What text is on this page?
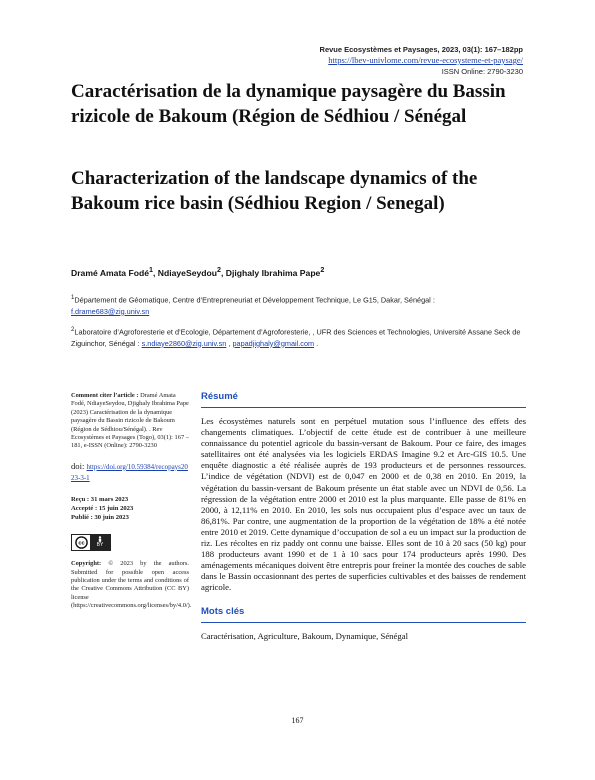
Revue Ecosystèmes et Paysages, 2023, 03(1): 167–182pp
https://lbev-univlome.com/revue-ecosysteme-et-paysage/
ISSN Online: 2790-3230
Caractérisation de la dynamique paysagère du Bassin rizicole de Bakoum (Région de Sédhiou / Sénégal
Characterization of the landscape dynamics of the Bakoum rice basin (Sédhiou Region / Senegal)
Dramé Amata Fodé$^1$, NdiayeSeydou$^2$, Djighaly Ibrahima Pape$^2$
$^1$Département de Géomatique, Centre d’Entrepreneuriat et Développement Technique, Le G15, Dakar, Sénégal :
f.drame683@zig.univ.sn
$^2$Laboratoire d’Agroforesterie et d’Ecologie, Département d’Agroforesterie, , UFR des Sciences et Technologies, Université Assane Seck de Ziguinchor, Sénégal : s.ndiaye2860@zig.univ.sn , papadjighaly@gmail.com .
Comment citer l’article : Dramé Amata Fodé, NdiayeSeydou, Djighaly Ibrahima Pape (2023) Caractérisation de la dynamique paysagère du Bassin rizicole de Bakoum (Région de Sédhiou/Sénégal). . Rev Ecosystèmes et Paysages (Togo), 03(1): 167 –181, e-ISSN (Online): 2790-3230
doi: https://doi.org/10.59384/recopays2023-3-1
Reçu : 31 mars 2023
Accepté : 15 juin 2023
Publié : 30 juin 2023
cc	BY
Copyright: © 2023 by the authors. Submitted for possible open access publication under the terms and conditions of the Creative Commons Attribution (CC BY) license (https://creativecommons.org/licenses/by/4.0/).
Résumé

Les écosystèmes naturels sont en perpétuel mutation sous l’influence des effets des changements climatiques. L’objectif de cette étude est de contribuer à une meilleure connaissance du potentiel agricole du bassin-versant de Bakoum. Pour ce faire, des images satellitaires ont été analysées via les logiciels ERDAS Imagine 9.2 et Arc-GIS 10.5. Une enquête diagnostic a été réalisée auprès de 193 producteurs et de personnes ressources. L’indice de végétation (NDVI) est de 0,047 en 2000 et de 0,38 en 2010. En 2019, la végétation du bassin-versant de Bakoum présente un état stable avec un NDVI de 0,56. La régression de la végétation entre 2000 et 2010 est la plus marquante. Elle passe de 81% en 2000, à 12,11% en 2010. En 2010, les sols nus occupaient plus d’espace avec un taux de 86,81%. Par contre, une augmentation de la proportion de la végétation de 18% a été notée entre 2010 et 2019. Cette dynamique d’occupation de sol a eu un impact sur la production de riz. Les récoltes en riz paddy ont connu une baisse. Elles sont de 10 à 20 sacs (50 kg) pour 188 producteurs avant 1990 et de 1 à 10 sacs pour 174 producteurs après 1990. Des aménagements mécaniques doivent être entrepris pour freiner la montée des couches de sable dans le Bassin occasionnant des pertes de superficies cultivables et des baisses de rendement agricole.

Mots clés

Caractérisation, Agriculture, Bakoum, Dynamique, Sénégal

167
